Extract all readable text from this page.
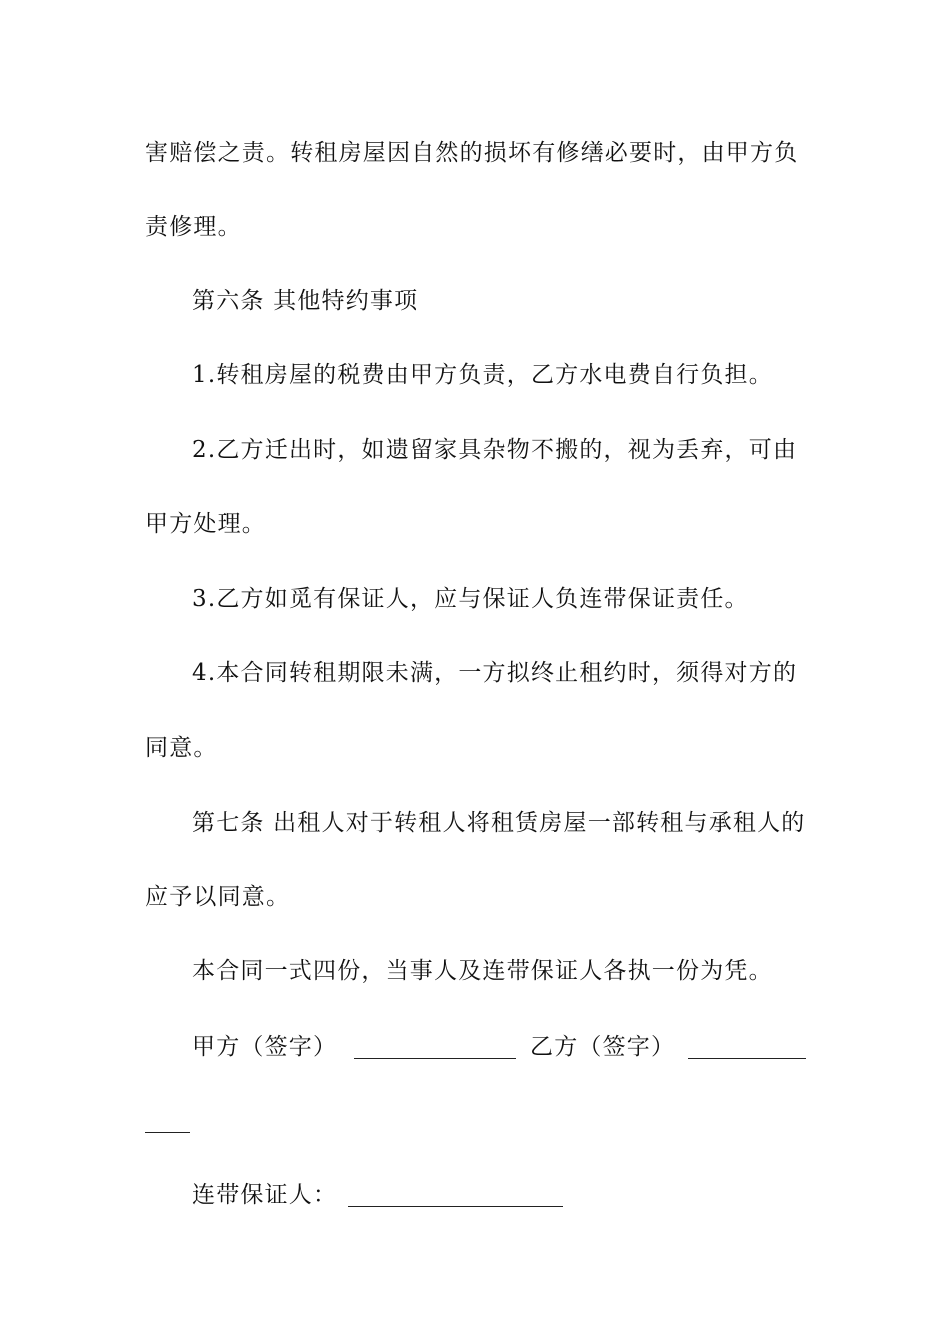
害赔偿之责。转租房屋因自然的损坏有修缮必要时，由甲方负
责修理。
第六条 其他特约事项
1.转租房屋的税费由甲方负责，乙方水电费自行负担。
2.乙方迁出时，如遗留家具杂物不搬的，视为丢弃，可由
甲方处理。
3.乙方如觅有保证人，应与保证人负连带保证责任。
4.本合同转租期限未满，一方拟终止租约时，须得对方的
同意。
第七条 出租人对于转租人将租赁房屋一部转租与承租人的
应予以同意。
本合同一式四份，当事人及连带保证人各执一份为凭。
甲方（签字）	乙方（签字）
连带保证人：
